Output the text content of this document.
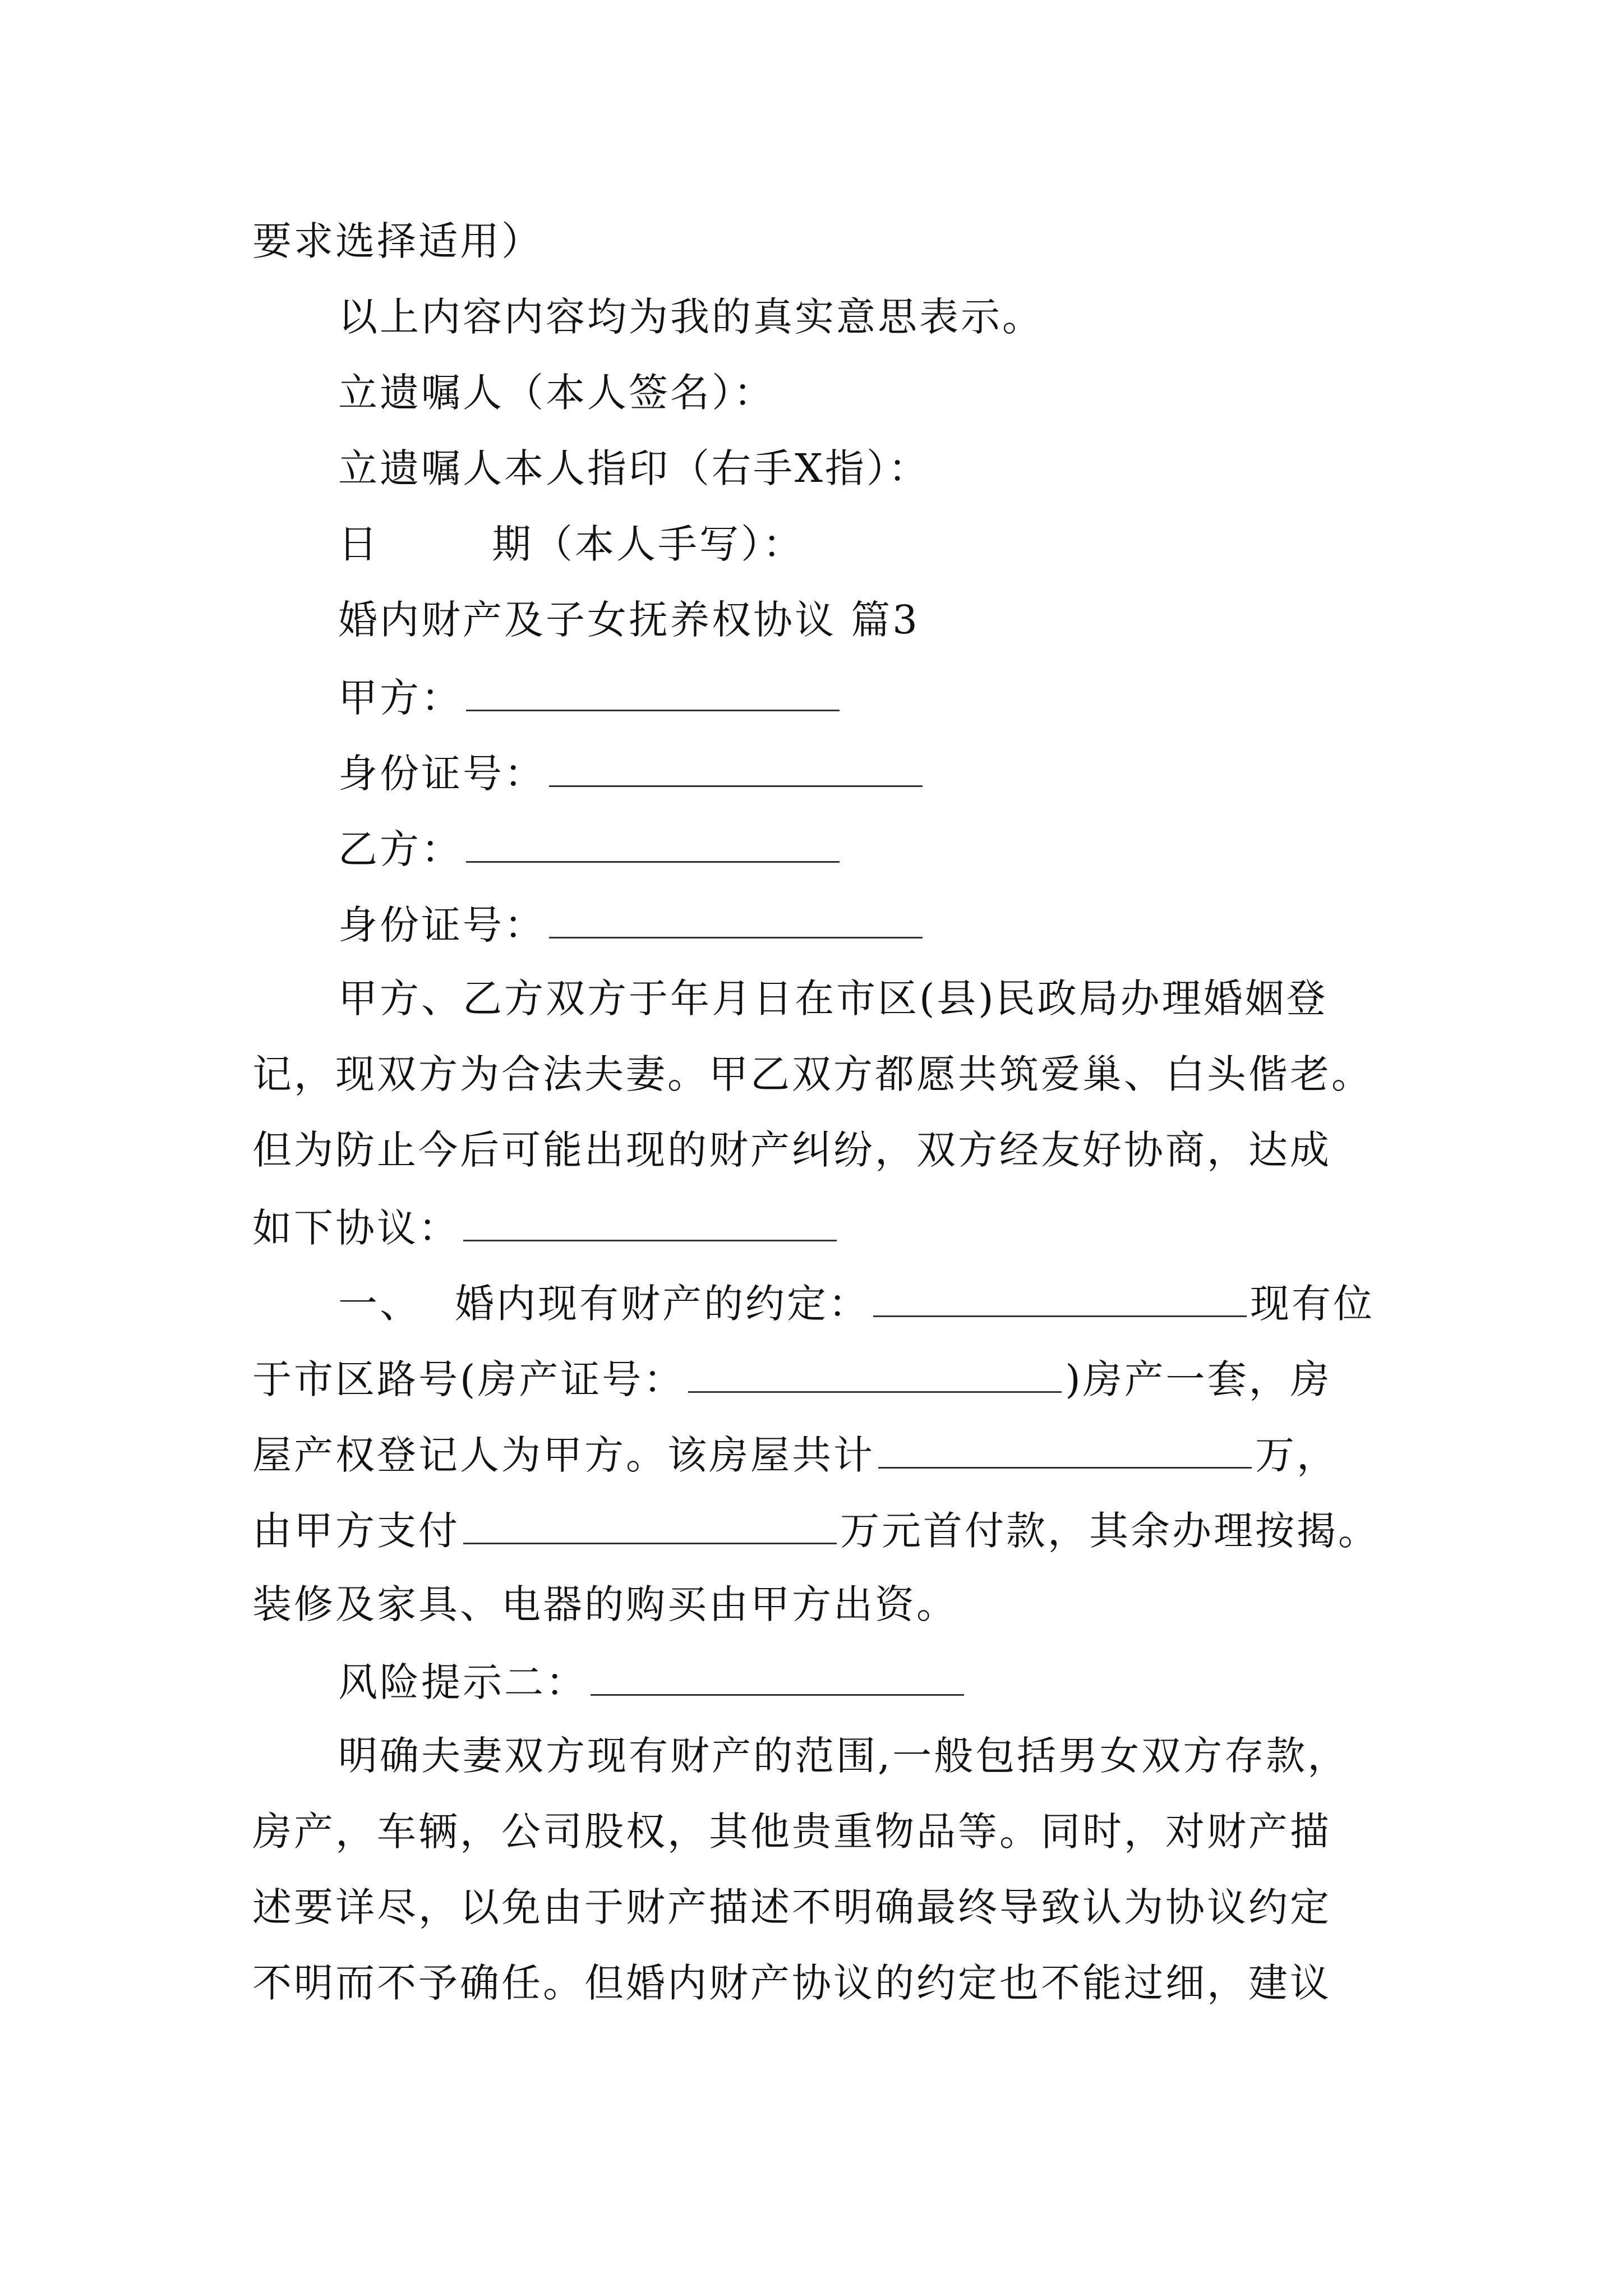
要求选择适用）
以上内容内容均为我的真实意思表示。
立遗嘱人（本人签名）：
立遗嘱人本人指印（右手X指）：
日	期（本人手写）：
婚内财产及子女抚养权协议 篇3
甲方：
身份证号：
乙方：
身份证号：
甲方、乙方双方于年月日在市区(县)民政局办理婚姻登
记，现双方为合法夫妻。甲乙双方都愿共筑爱巢、白头偕老。
但为防止今后可能出现的财产纠纷，双方经友好协商，达成
如下协议：
一、 婚内现有财产的约定：	现有位
于市区路号(房产证号：	)房产一套，房
屋产权登记人为甲方。该房屋共计	万，
由甲方支付	万元首付款，其余办理按揭。
装修及家具、电器的购买由甲方出资。
风险提示二：
明确夫妻双方现有财产的范围,一般包括男女双方存款，
房产，车辆，公司股权，其他贵重物品等。同时，对财产描
述要详尽，以免由于财产描述不明确最终导致认为协议约定
不明而不予确任。但婚内财产协议的约定也不能过细，建议
